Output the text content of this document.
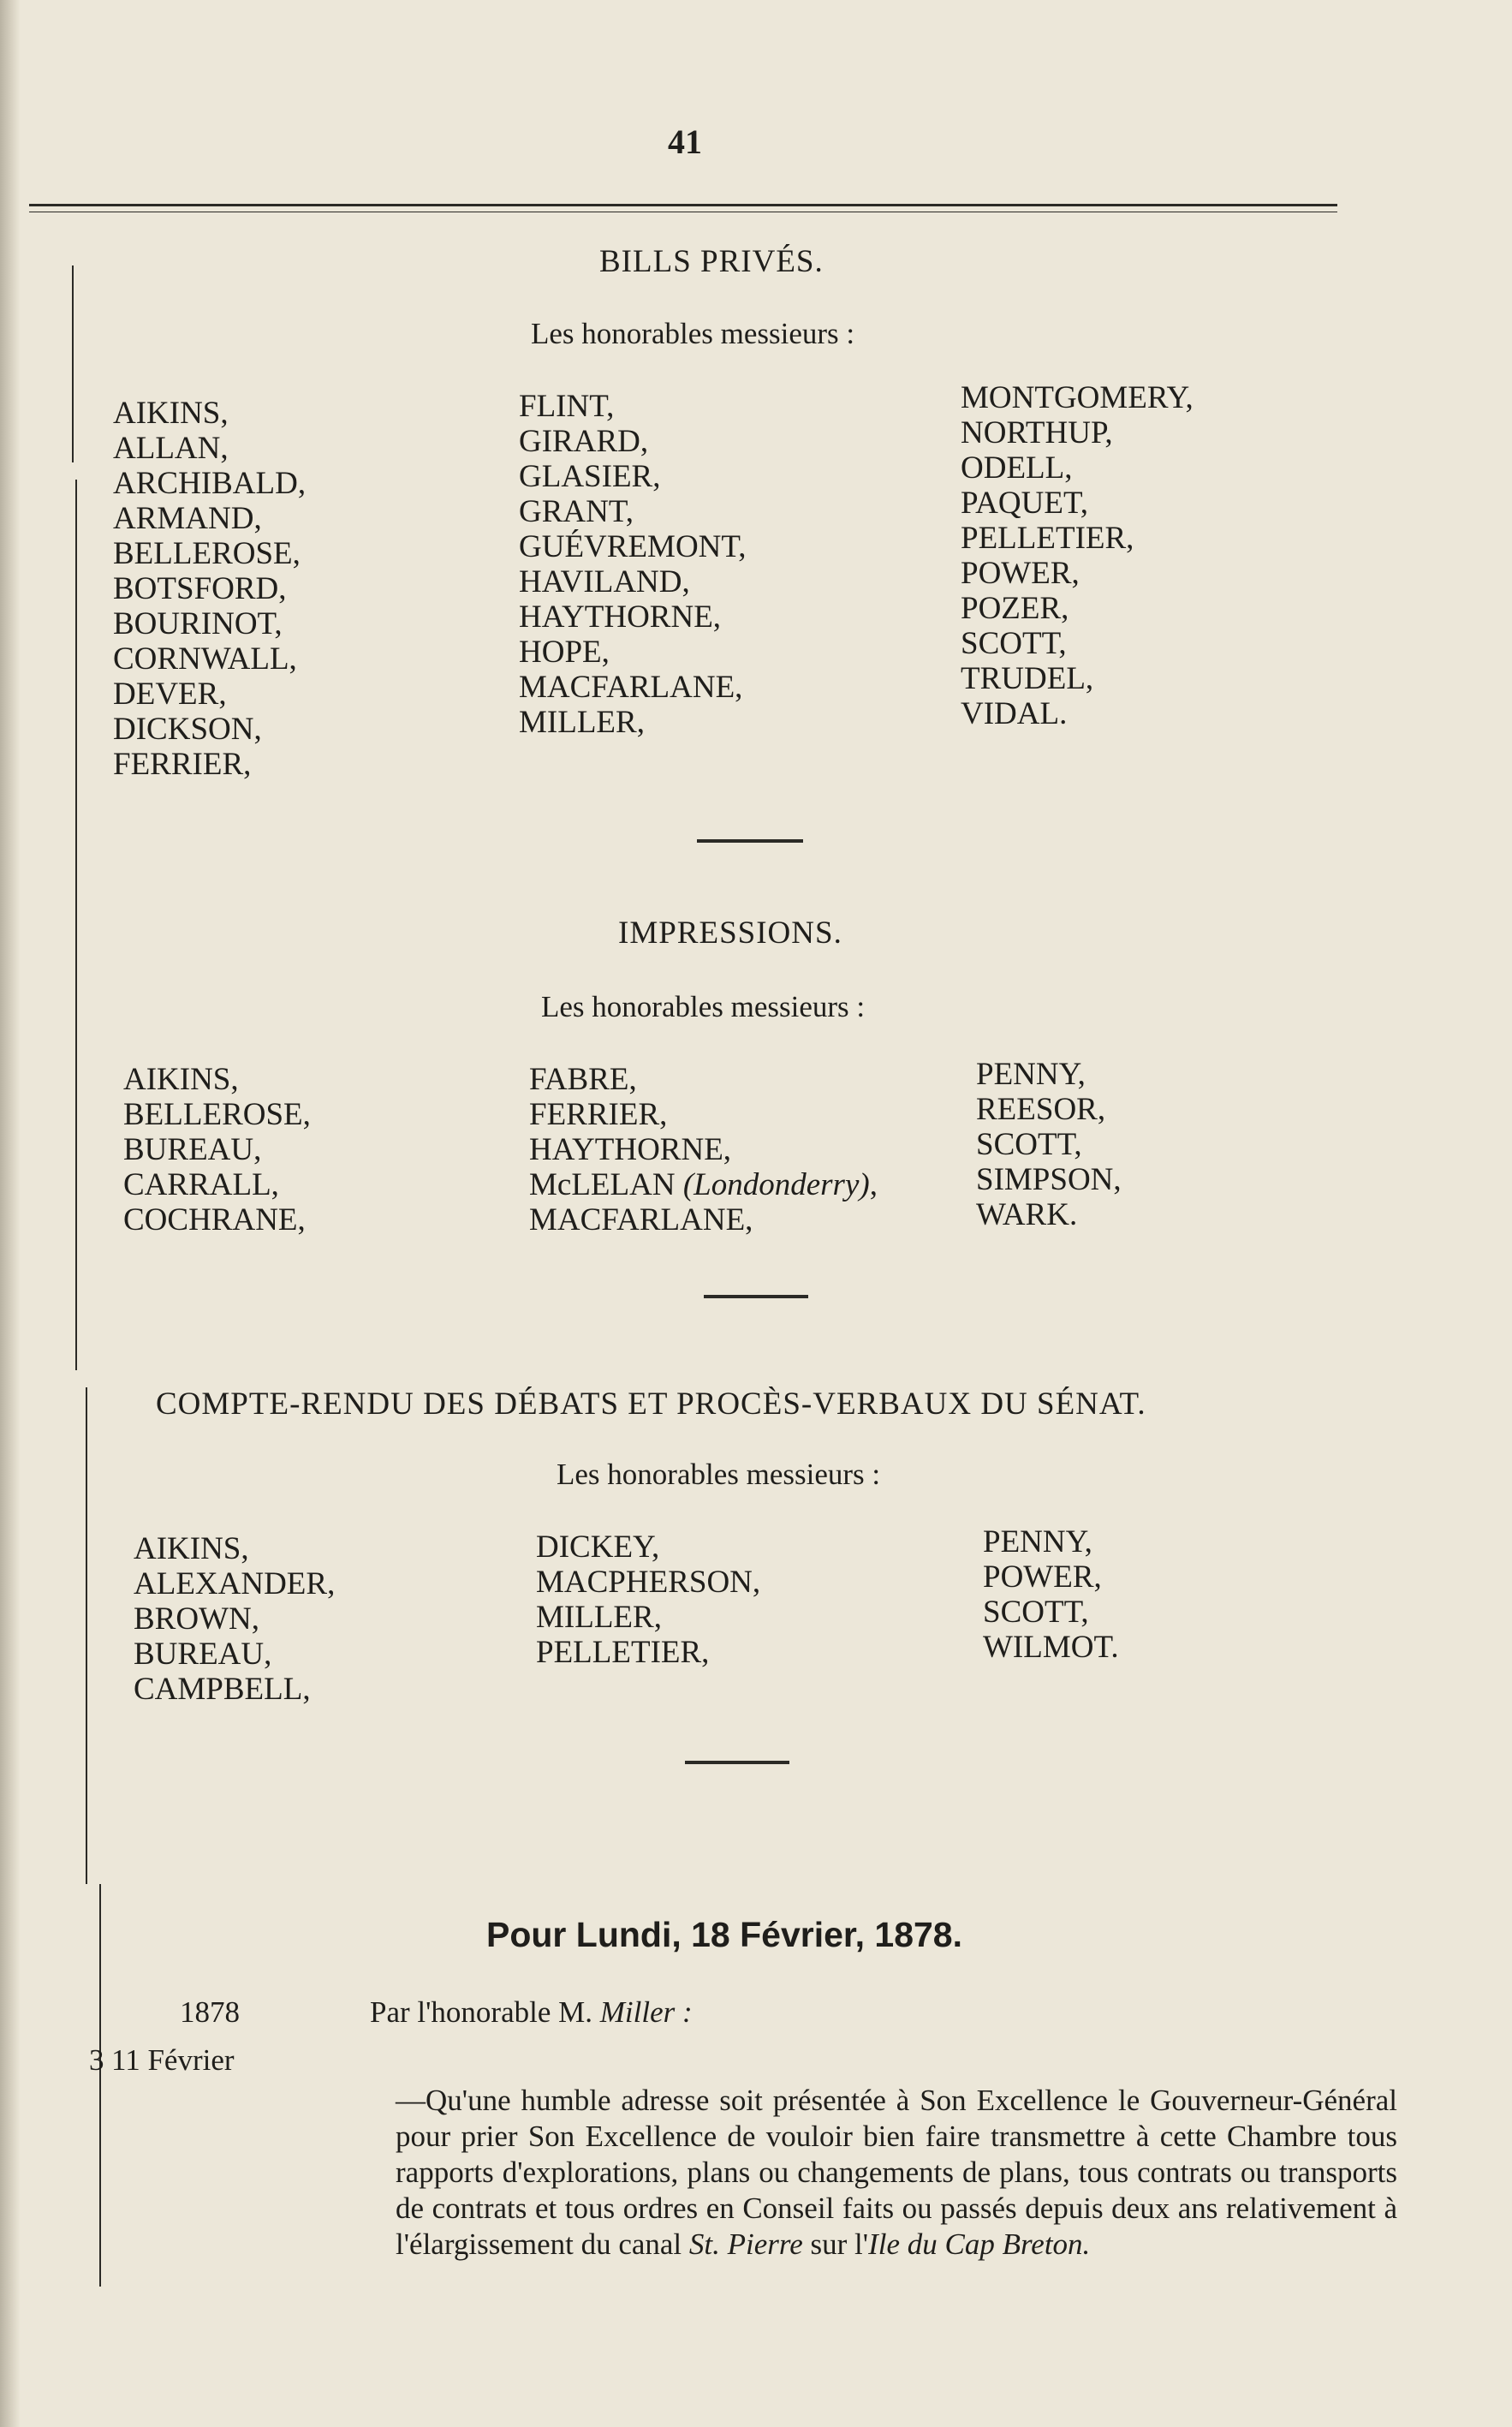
41
BILLS PRIVÉS.
Les honorables messieurs :
AIKINS,
ALLAN,
ARCHIBALD,
ARMAND,
BELLEROSE,
BOTSFORD,
BOURINOT,
CORNWALL,
DEVER,
DICKSON,
FERRIER,
FLINT,
GIRARD,
GLASIER,
GRANT,
GUÉVREMONT,
HAVILAND,
HAYTHORNE,
HOPE,
MACFARLANE,
MILLER,
MONTGOMERY,
NORTHUP,
ODELL,
PAQUET,
PELLETIER,
POWER,
POZER,
SCOTT,
TRUDEL,
VIDAL.
IMPRESSIONS.
Les honorables messieurs :
AIKINS,
BELLEROSE,
BUREAU,
CARRALL,
COCHRANE,
FABRE,
FERRIER,
HAYTHORNE,
McLELAN (Londonderry),
MACFARLANE,
PENNY,
REESOR,
SCOTT,
SIMPSON,
WARK.
COMPTE-RENDU DES DÉBATS ET PROCÈS-VERBAUX DU SÉNAT.
Les honorables messieurs :
AIKINS,
ALEXANDER,
BROWN,
BUREAU,
CAMPBELL,
DICKEY,
MACPHERSON,
MILLER,
PELLETIER,
PENNY,
POWER,
SCOTT,
WILMOT.
Pour Lundi, 18 Février, 1878.
1878	Par l'honorable M. Miller :
3 11 Février
—Qu'une humble adresse soit présentée à Son Excellence le Gouverneur-Général pour prier Son Excellence de vouloir bien faire transmettre à cette Chambre tous rapports d'explorations, plans ou changements de plans, tous contrats ou transports de contrats et tous ordres en Conseil faits ou passés depuis deux ans relativement à l'élargissement du canal St. Pierre sur l'Ile du Cap Breton.
